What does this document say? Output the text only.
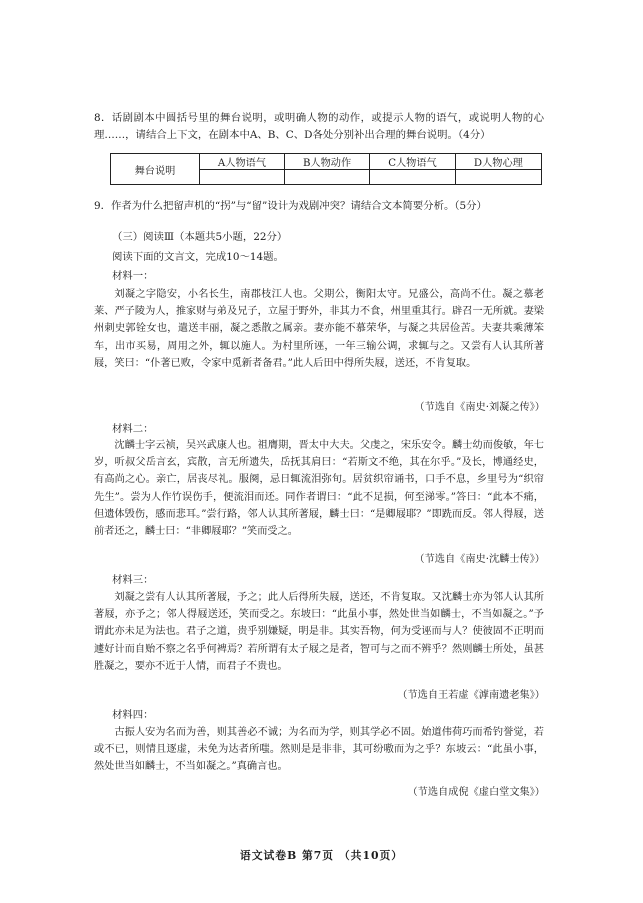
8．话剧剧本中圆括号里的舞台说明，或明确人物的动作，或提示人物的语气，或说明人物的心理……，请结合上下文，在剧本中A、B、C、D各处分别补出合理的舞台说明。（4分）
舞台说明	A人物语气	B人物动作	C人物语气	D人物心理

9．作者为什么把留声机的“拐”与“留”设计为戏剧冲突？请结合文本简要分析。（5分）
（三）阅读Ⅲ（本题共5小题，22分）
阅读下面的文言文，完成10～14题。
材料一：
刘凝之字隐安，小名长生，南郡枝江人也。父期公，衡阳太守。兄盛公，高尚不仕。凝之慕老莱、严子陵为人，推家财与弟及兄子，立屋于野外，非其力不食，州里重其行。辟召一无所就。妻梁州刺史郭铨女也，遣送丰丽，凝之悉散之属亲。妻亦能不慕荣华，与凝之共居俭苦。夫妻共乘薄笨车，出市买易，周用之外，辄以施人。为村里所诬，一年三输公调，求辄与之。又尝有人认其所著屐，笑曰：“仆著已败，令家中觅新者备君。”此人后田中得所失屐，送还，不肯复取。
（节选自《南史·刘凝之传》）
材料二：
沈麟士字云祯，吴兴武康人也。祖膺期，晋太中大夫。父虔之，宋乐安令。麟士幼而俊敏，年七岁，听叔父岳言玄，宾散，言无所遗失，岳抚其肩曰：“若斯文不绝，其在尔乎。”及长，博通经史，有高尚之心。亲亡，居丧尽礼。服阕，忌日辄流泪弥旬。居贫织帘诵书，口手不息，乡里号为“织帘先生”。尝为人作竹误伤手，便流泪而还。同作者谓曰：“此不足损，何至涕零。”答曰：“此本不痛，但遗体毁伤，感而悲耳。”尝行路，邻人认其所著屐，麟士曰：“是卿屐耶？”即跣而反。邻人得屐，送前者还之，麟士曰：“非卿屐耶？”笑而受之。
（节选自《南史·沈麟士传》）
材料三：
刘凝之尝有人认其所著屐，予之；此人后得所失屐，送还，不肯复取。又沈麟士亦为邻人认其所著屐，亦予之；邻人得屐送还，笑而受之。东坡曰：“此虽小事，然处世当如麟士，不当如凝之。”予谓此亦未足为法也。君子之道，贵乎别嫌疑，明是非。其实吾物，何为受诬而与人？使彼固不正明而遽好计而自贻不察之名乎何裨焉？若所谓有太子屐之是者，智可与之而不辨乎？然则麟士所处，虽甚胜凝之，要亦不近于人情，而君子不贵也。
（节选自王若虚《滹南遗老集》）
材料四：
古振人安为名而为善，则其善必不诚；为名而为学，则其学必不固。始道伟荷巧而希钓誉觉，若或不已，则情且逐虚，未免为达者所嗤。然则是是非非，其可纷嗷而为之乎？东坡云：“此虽小事，然处世当如麟士，不当如凝之。”真确言也。
（节选自成倪《虚白堂文集》）
语文试卷B 第7页 （共10页）
